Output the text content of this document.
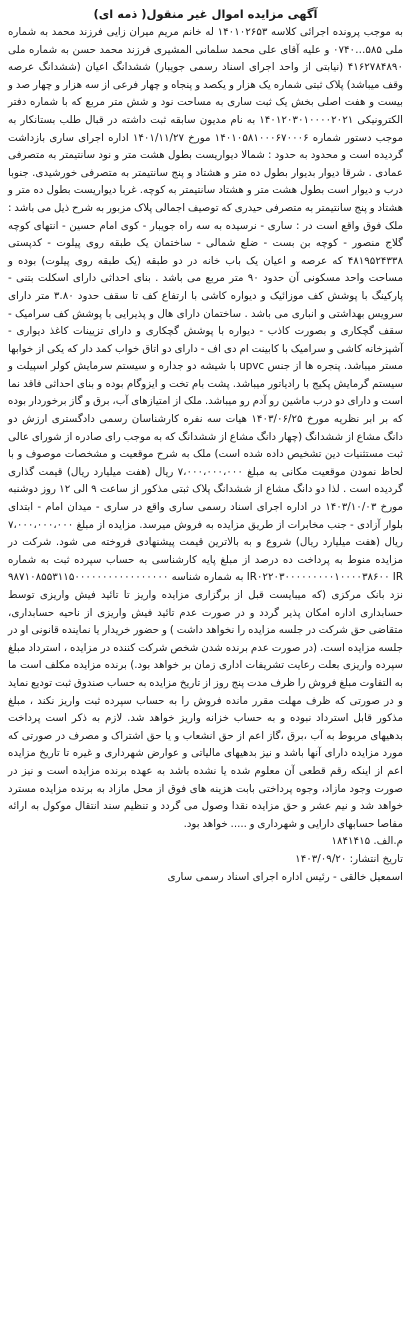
آگهی مزایده اموال غیر منقول( ذمه ای)

به موجب پرونده اجرائی کلاسه ۱۴۰۱۰۲۶۵۳ له خانم مریم میران زایی فرزند محمد به شماره ملی ۵۸۵…۰۷۴۰ و علیه آقای علی محمد سلمانی المشیری فرزند محمد حسن به شماره ملی ۴۱۶۲۷۸۴۸۹۰ (نیابتی از واحد اجرای اسناد رسمی جویبار) ششدانگ اعیان (ششدانگ عرصه وقف میباشد) پلاک ثبتی شماره یک هزار و یکصد و پنجاه و چهار فرعی از سه هزار و چهار صد و بیست و هفت اصلی بخش یک ثبت ساری به مساحت نود و شش متر مربع که با شماره دفتر الکترونیکی ۱۴۰۱۲۰۳۰۱۰۰۰۰۲۰۲۱ به نام مدیون سابقه ثبت داشته در قبال طلب بستانکار به موجب دستور شماره ۱۴۰۱۰۵۸۱۰۰۰۶۷۰۰۰۶ مورخ ۱۴۰۱/۱۱/۲۷ اداره اجرای ساری بازداشت گردیده است و محدود به حدود : شمالا دیواریست بطول هشت متر و نود سانتیمتر به متصرفی عمادی . شرقا دیوار بدیوار بطول ده متر و هشتاد و پنج سانتیمتر به متصرفی خورشیدی. جنوبا درب و دیوار است بطول هشت متر و هشتاد سانتیمتر به کوچه. غربا دیواریست بطول ده متر و هشتاد و پنج سانتیمتر به متصرفی حیدری که توصیف اجمالی پلاک مزبور به شرح ذیل می باشد : ملک فوق واقع است در : ساری - نرسیده به سه راه جویبار - کوی امام حسین - انتهای کوچه گلاج منصور - کوچه بن بست - ضلع شمالی - ساختمان یک طبقه روی پیلوت - کدپستی ۴۸۱۹۵۲۴۳۳۸ که عرصه و اعیان یک باب خانه در دو طبقه (یک طبقه روی پیلوت) بوده و مساحت واحد مسکونی آن حدود ۹۰ متر مربع می باشد . بنای احداثی دارای اسکلت بتنی - پارکینگ با پوشش کف موزائیک و دیواره کاشی با ارتفاع کف تا سقف حدود ۳.۸۰ متر دارای سرویس بهداشتی و انباری می باشد . ساختمان دارای هال و پذیرایی با پوشش کف سرامیک - سقف گچکاری و بصورت کاذب - دیواره با پوشش گچکاری و دارای تزیینات کاغذ دیواری - آشپزخانه کاشی و سرامیک با کابینت ام دی اف - دارای دو اتاق خواب کمد دار که یکی از خوابها مستر میباشد. پنجره ها از جنس upvc با شیشه دو جداره و سیستم سرمایش کولر اسپیلت و سیستم گرمایش پکیج با رادیاتور میباشد. پشت بام تخت و ایزوگام بوده و بنای احداثی فاقد نما است و دارای دو درب ماشین رو آدم رو میباشد. ملک از امتیازهای آب، برق و گاز برخوردار بوده که بر ابر نظریه مورخ ۱۴۰۳/۰۶/۲۵ هیات سه نفره کارشناسان رسمی دادگستری ارزش دو دانگ مشاع از ششدانگ (چهار دانگ مشاع از ششدانگ که به موجب رای صادره از شورای عالی ثبت مستثنیات دین تشخیص داده شده است) ملک به شرح موقعیت و مشخصات موصوف و با لحاظ نمودن موقعیت مکانی به مبلغ ۷،۰۰۰،۰۰۰،۰۰۰ ریال (هفت میلیارد ریال) قیمت گذاری گردیده است . لذا دو دانگ مشاع از ششدانگ پلاک ثبتی مذکور از ساعت ۹ الی ۱۲ روز دوشنبه مورخ ۱۴۰۳/۱۰/۰۳ در اداره اجرای اسناد رسمی ساری واقع در ساری - میدان امام - ابتدای بلوار آزادی - جنب مخابرات از طریق مزایده به فروش میرسد. مزایده از مبلغ ۷،۰۰۰،۰۰۰،۰۰۰ ریال (هفت میلیارد ریال) شروع و به بالاترین قیمت پیشنهادی فروخته می شود. شرکت در مزایده منوط به پرداخت ده درصد از مبلغ پایه کارشناسی به حساب سپرده ثبت به شماره IR۰۲۲۰۳۰۰۰۰۰۰۰۰۰۱۰۰۰۰۳۸۶۰۰ IR به شماره شناسه ۹۸۷۱۰۸۵۵۳۱۱۵۰۰۰۰۰۰۰۰۰۰۰۰۰۰۰۰۰ نزد بانک مرکزی (که میبایست قبل از برگزاری مزایده واریز تا تائید فیش واریزی توسط حسابداری اداره امکان پذیر گردد و در صورت عدم تائید فیش واریزی از ناحیه حسابداری، متقاضی حق شرکت در جلسه مزایده را نخواهد داشت ) و حضور خریدار یا نماینده قانونی او در جلسه مزایده است. (در صورت عدم برنده شدن شخص شرکت کننده در مزایده ، استرداد مبلغ سپرده واریزی بعلت رعایت تشریفات اداری زمان بر خواهد بود.) برنده مزایده مکلف است ما به التفاوت مبلغ فروش را ظرف مدت پنج روز از تاریخ مزایده به حساب صندوق ثبت تودیع نماید و در صورتی که ظرف مهلت مقرر مانده فروش را به حساب سپرده ثبت واریز نکند ، مبلغ مذکور قابل استرداد نبوده و به حساب خزانه واریز خواهد شد. لازم به ذکر است پرداخت بدهیهای مربوط به آب ،برق ،گاز اعم از حق انشعاب و یا حق اشتراک و مصرف در صورتی که مورد مزایده دارای آنها باشد و نیز بدهیهای مالیاتی و عوارض شهرداری و غیره تا تاریخ مزایده اعم از اینکه رقم قطعی آن معلوم شده یا نشده باشد به عهده برنده مزایده است و نیز در صورت وجود مازاد، وجوه پرداختی بابت هزینه های فوق از محل مازاد به برنده مزایده مسترد خواهد شد و نیم عشر و حق مزایده نقدا وصول می گردد و تنظیم سند انتقال موکول به ارائه مفاصا حسابهای دارایی و شهرداری و ..... خواهد بود.

م.الف. ۱۸۴۱۴۱۵

تاریخ انتشار: ۱۴۰۳/۰۹/۲۰

اسمعیل خالقی - رئیس اداره اجرای اسناد رسمی ساری
